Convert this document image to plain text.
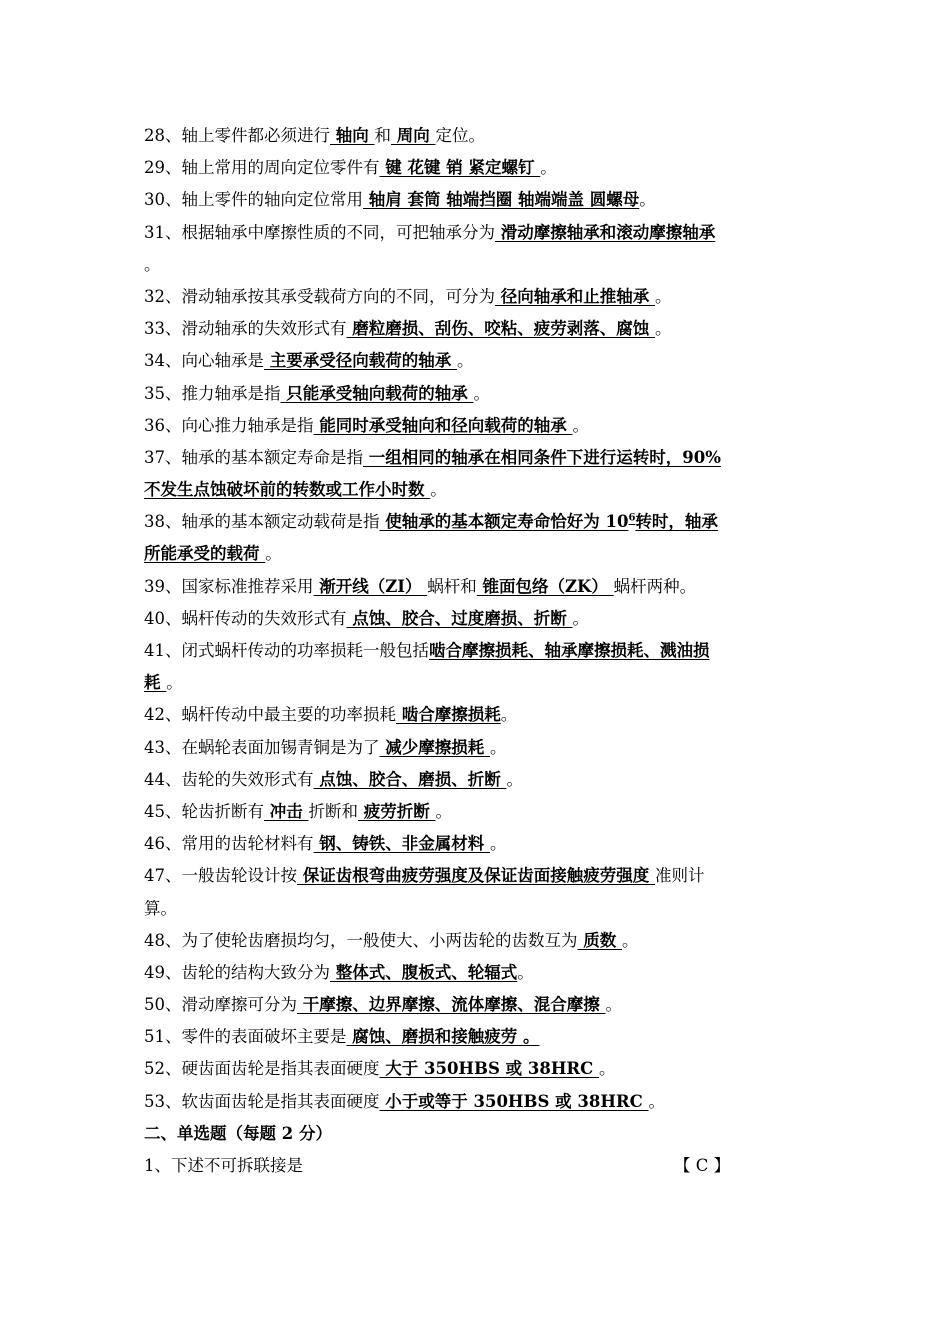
28、轴上零件都必须进行 轴向 和 周向 定位。
29、轴上常用的周向定位零件有 键 花键 销 紧定螺钉 。
30、轴上零件的轴向定位常用 轴肩 套筒 轴端挡圈 轴端端盖 圆螺母。
31、根据轴承中摩擦性质的不同，可把轴承分为 滑动摩擦轴承和滚动摩擦轴承
。
32、滑动轴承按其承受载荷方向的不同，可分为 径向轴承和止推轴承 。
33、滑动轴承的失效形式有 磨粒磨损、刮伤、咬粘、疲劳剥落、腐蚀 。
34、向心轴承是 主要承受径向载荷的轴承 。
35、推力轴承是指 只能承受轴向载荷的轴承 。
36、向心推力轴承是指 能同时承受轴向和径向载荷的轴承 。
37、轴承的基本额定寿命是指 一组相同的轴承在相同条件下进行运转时，90%
不发生点蚀破坏前的转数或工作小时数 。
38、轴承的基本额定动载荷是指 使轴承的基本额定寿命恰好为 $10^6$转时，轴承
所能承受的载荷 。
39、国家标准推荐采用 渐开线（ZI） 蜗杆和 锥面包络（ZK） 蜗杆两种。
40、蜗杆传动的失效形式有 点蚀、胶合、过度磨损、折断 。
41、闭式蜗杆传动的功率损耗一般包括啮合摩擦损耗、轴承摩擦损耗、溅油损
耗 。
42、蜗杆传动中最主要的功率损耗 啮合摩擦损耗。
43、在蜗轮表面加锡青铜是为了 减少摩擦损耗 。
44、齿轮的失效形式有 点蚀、胶合、磨损、折断 。
45、轮齿折断有 冲击 折断和 疲劳折断 。
46、常用的齿轮材料有 钢、铸铁、非金属材料 。
47、一般齿轮设计按 保证齿根弯曲疲劳强度及保证齿面接触疲劳强度 准则计
算。
48、为了使轮齿磨损均匀，一般使大、小两齿轮的齿数互为 质数 。
49、齿轮的结构大致分为 整体式、腹板式、轮辐式。
50、滑动摩擦可分为 干摩擦、边界摩擦、流体摩擦、混合摩擦 。
51、零件的表面破坏主要是 腐蚀、磨损和接触疲劳 。
52、硬齿面齿轮是指其表面硬度 大于 350HBS 或 38HRC 。
53、软齿面齿轮是指其表面硬度 小于或等于 350HBS 或 38HRC 。
二、单选题（每题 2 分）
1、下述不可拆联接是	【 C 】
